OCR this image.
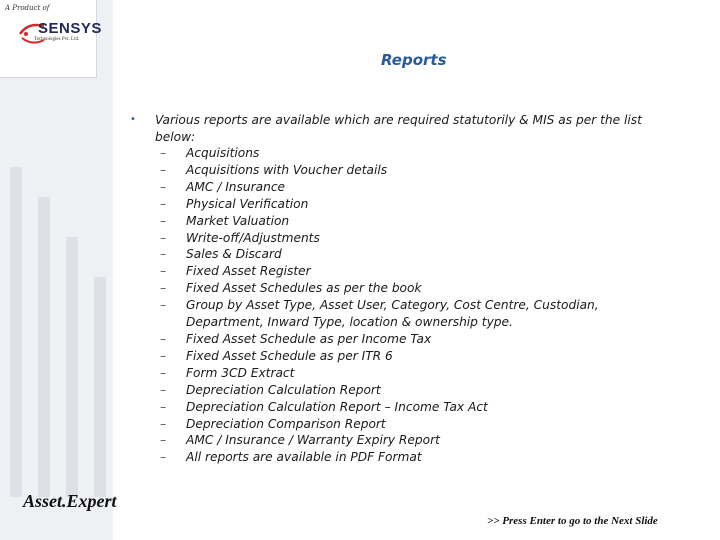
A Product of
SENSYS
Technologies Pvt. Ltd.
Reports
• Various reports are available which are required statutorily & MIS as per the list below:
– Acquisitions
– Acquisitions with Voucher details
– AMC / Insurance
– Physical Verification
– Market Valuation
– Write-off/Adjustments
– Sales & Discard
– Fixed Asset Register
– Fixed Asset Schedules as per the book
– Group by Asset Type, Asset User, Category, Cost Centre, Custodian, Department, Inward Type, location & ownership type.
– Fixed Asset Schedule as per Income Tax
– Fixed Asset Schedule as per ITR 6
– Form 3CD Extract
– Depreciation Calculation Report
– Depreciation Calculation Report – Income Tax Act
– Depreciation Comparison Report
– AMC / Insurance / Warranty Expiry Report
– All reports are available in PDF Format
Asset.Expert
>> Press Enter to go to the Next Slide
